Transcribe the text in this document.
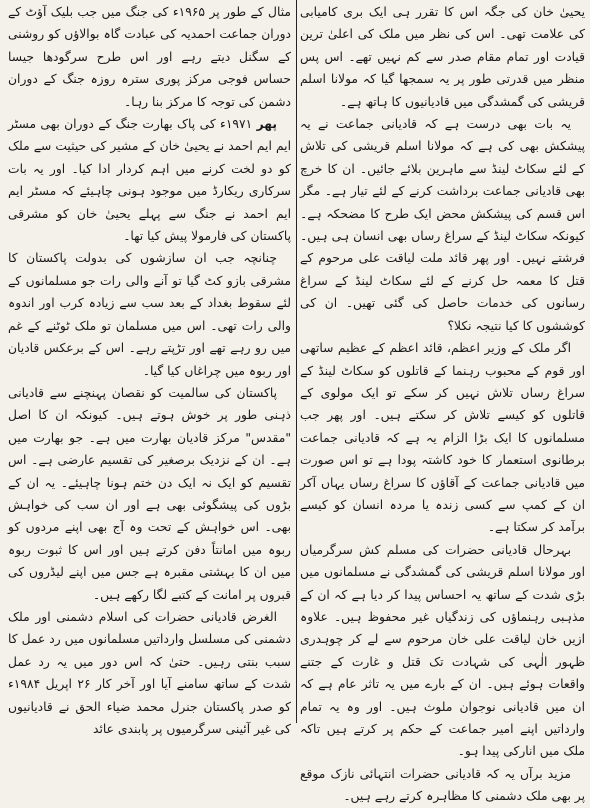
یحییٰ خان کی جگہ اس کا تقرر ہی ایک بری کامیابی کی علامت تھی۔ اس کی نظر میں ملک کی اعلیٰ ترین قیادت اور تمام مقام صدر سے کم نہیں تھے۔ اس پس منظر میں قدرتی طور پر یہ سمجھا گیا کہ مولانا اسلم قریشی کی گمشدگی میں قادیانیوں کا ہاتھ ہے۔

یہ بات بھی درست ہے کہ قادیانی جماعت نے یہ پیشکش بھی کی ہے کہ مولانا اسلم قریشی کی تلاش کے لئے سکاٹ لینڈ سے ماہرین بلائے جائیں۔ ان کا خرچ بھی قادیانی جماعت برداشت کرنے کے لئے تیار ہے۔ مگر اس قسم کی پیشکش محض ایک طرح کا مضحکہ ہے۔ کیونکہ سکاٹ لینڈ کے سراغ رساں بھی انسان ہی ہیں۔ فرشتے نہیں۔ اور پھر قائد ملت لیاقت علی مرحوم کے قتل کا معمہ حل کرنے کے لئے سکاٹ لینڈ کے سراغ رسانوں کی خدمات حاصل کی گئی تھیں۔ ان کی کوششوں کا کیا نتیجہ نکلا؟

اگر ملک کے وزیر اعظم، قائد اعظم کے عظیم ساتھی اور قوم کے محبوب رہنما کے قاتلوں کو سکاٹ لینڈ کے سراغ رساں تلاش نہیں کر سکے تو ایک مولوی کے قاتلوں کو کیسے تلاش کر سکتے ہیں۔ اور پھر جب مسلمانوں کا ایک بڑا الزام یہ ہے کہ قادیانی جماعت برطانوی استعمار کا خود کاشتہ پودا ہے تو اس صورت میں قادیانی جماعت کے آقاؤں کا سراغ رساں یہاں آکر ان کے کمپ سے کسی زندہ یا مردہ انسان کو کیسے برآمد کر سکتا ہے۔

بہرحال قادیانی حضرات کی مسلم کش سرگرمیاں اور مولانا اسلم قریشی کی گمشدگی نے مسلمانوں میں بڑی شدت کے ساتھ یہ احساس پیدا کر دیا ہے کہ ان کے مذہبی رہنماؤں کی زندگیاں غیر محفوظ ہیں۔ علاوہ ازیں خان لیاقت علی خان مرحوم سے لے کر چوہدری ظہور الٰہی کی شہادت تک قتل و غارت کے جتنے واقعات ہوئے ہیں۔ ان کے بارے میں یہ تاثر عام ہے کہ ان میں قادیانی نوجوان ملوث ہیں۔ اور وہ یہ تمام وارداتیں اپنے امیر جماعت کے حکم پر کرتے ہیں تاکہ ملک میں انارکی پیدا ہو۔

مزید برآں یہ کہ قادیانی حضرات انتہائی نازک موقع پر بھی ملک دشمنی کا مظاہرہ کرتے رہے ہیں۔

مثال کے طور پر ۱۹۶۵ء کی جنگ میں جب بلیک آؤٹ کے دوران جماعت احمدیہ کی عبادت گاہ بوالاؤں کو روشنی کے سگنل دیتے رہے اور اس طرح سرگودھا جیسا حساس فوجی مرکز پوری سترہ روزہ جنگ کے دوران دشمن کی توجہ کا مرکز بنا رہا۔

پھر ۱۹۷۱ء کی پاک بھارت جنگ کے دوران بھی مسٹر ایم ایم احمد نے یحییٰ خان کے مشیر کی حیثیت سے ملک کو دو لخت کرنے میں اہم کردار ادا کیا۔ اور یہ بات سرکاری ریکارڈ میں موجود ہونی چاہیئے کہ مسٹر ایم ایم احمد نے جنگ سے پہلے یحییٰ خان کو مشرقی پاکستان کی فارمولا پیش کیا تھا۔

چنانچہ جب ان سازشوں کی بدولت پاکستان کا مشرقی بازو کٹ گیا تو آنے والی رات جو مسلمانوں کے لئے سقوط بغداد کے بعد سب سے زیادہ کرب اور اندوہ والی رات تھی۔ اس میں مسلمان تو ملک ٹوٹنے کے غم میں رو رہے تھے اور تڑپتے رہے۔ اس کے برعکس قادیان اور ربوہ میں چراغاں کیا گیا۔

پاکستان کی سالمیت کو نقصان پہنچنے سے قادیانی ذہنی طور پر خوش ہوتے ہیں۔ کیونکہ ان کا اصل "مقدس" مرکز قادیان بھارت میں ہے۔ جو بھارت میں ہے۔ ان کے نزدیک برصغیر کی تقسیم عارضی ہے۔ اس تقسیم کو ایک نہ ایک دن ختم ہونا چاہیئے۔ یہ ان کے بڑوں کی پیشگوئی بھی ہے اور ان سب کی خواہش بھی۔ اس خواہش کے تحت وہ آج بھی اپنے مردوں کو ربوہ میں امانتاً دفن کرتے ہیں اور اس کا ثبوت ربوہ میں ان کا بہشتی مقبرہ ہے جس میں اپنے لیڈروں کی قبروں پر امانت کے کتبے لگا رکھے ہیں۔

الغرض قادیانی حضرات کی اسلام دشمنی اور ملک دشمنی کی مسلسل وارداتیں مسلمانوں میں رد عمل کا سبب بنتی رہیں۔ حتیٰ کہ اس دور میں یہ رد عمل شدت کے ساتھ سامنے آیا اور آخر کار ۲۶ اپریل ۱۹۸۴ء کو صدر پاکستان جنرل محمد ضیاء الحق نے قادیانیوں کی غیر آئینی سرگرمیوں پر پابندی عائد
